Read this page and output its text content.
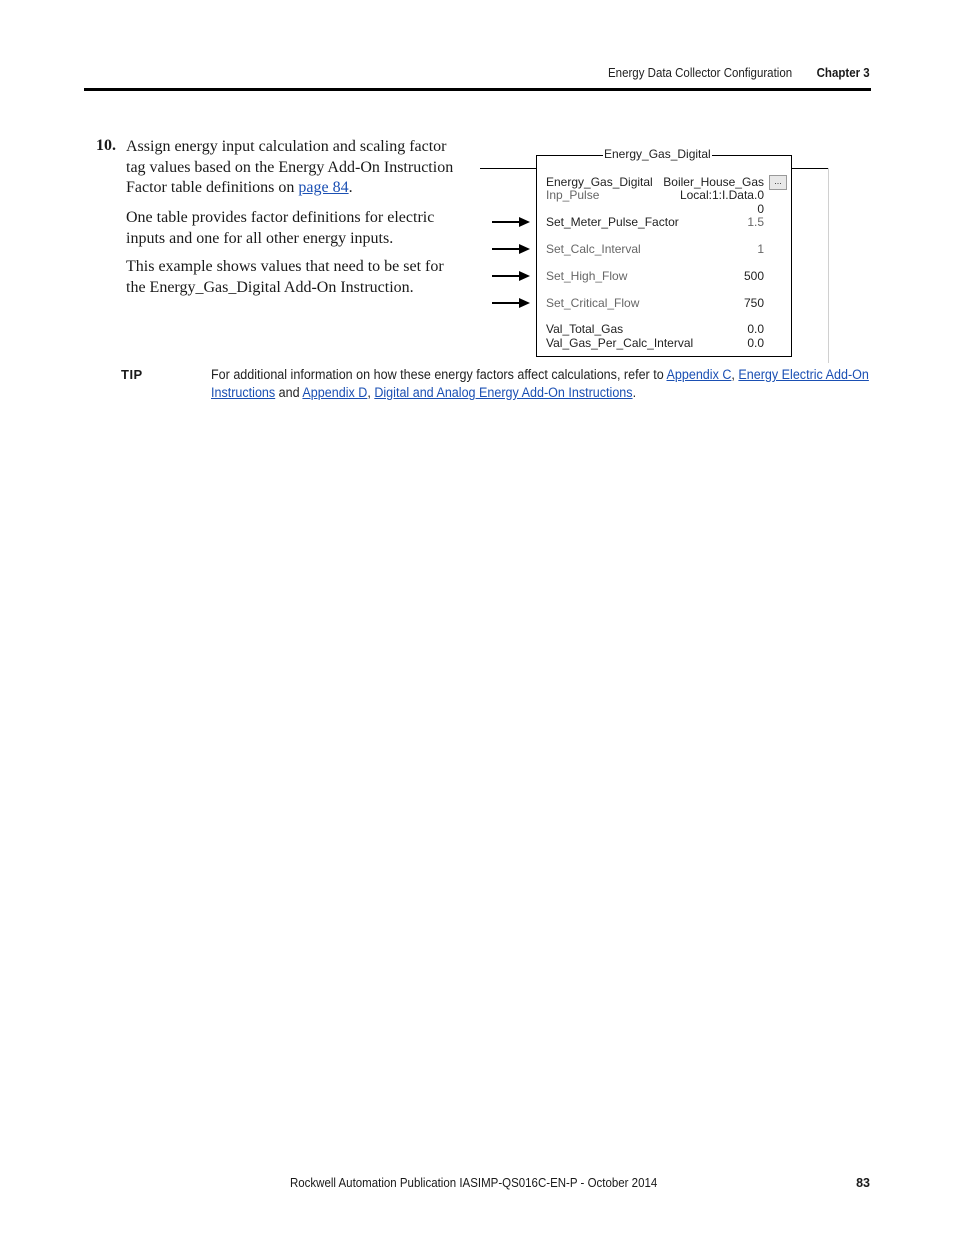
Energy Data Collector Configuration Chapter 3
10. Assign energy input calculation and scaling factor tag values based on the Energy Add-On Instruction Factor table definitions on page 84.
One table provides factor definitions for electric inputs and one for all other energy inputs.
This example shows values that need to be set for the Energy_Gas_Digital Add-On Instruction.
Energy_Gas_Digital
Energy_Gas_Digital Boiler_House_Gas	...
Inp_Pulse	Local:1:I.Data.0
0
Set_Meter_Pulse_Factor	1.5
Set_Calc_Interval	1
Set_High_Flow	500
Set_Critical_Flow	750
Val_Total_Gas	0.0
Val_Gas_Per_Calc_Interval	0.0
TIP	For additional information on how these energy factors affect calculations, refer to Appendix C, Energy Electric Add-On Instructions and Appendix D, Digital and Analog Energy Add-On Instructions.
Rockwell Automation Publication IASIMP-QS016C-EN-P - October 2014	83
